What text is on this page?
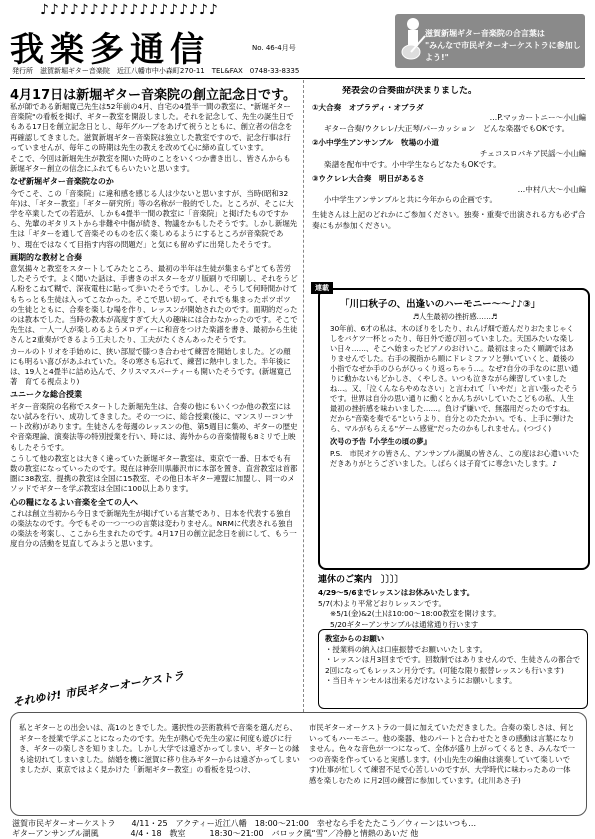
♪♪♪♪♪♪♪♪♪♪♪♪♪♪♪♪♪♪
我楽多通信	No. 46-4月号
滋賀新堀ギター音楽院の合言葉は
"みんなで市民ギターオーケストラに参加しよう!"
発行所　滋賀新堀ギター音楽院　近江八幡市中小森町270-11　TEL&FAX　0748-33-8335
4月17日は新堀ギター音楽院の創立記念日です。

私が師である新堀寛己先生は52年前の4月、自宅の4畳半一間の教室に、"新堀ギター音楽院"の看板を掲げ、ギター教室を開設しました。それを記念して、先生の誕生日でもある17日を創立記念日とし、毎年グループをあげて祝うとともに、創立者の信念を再確認してきました。滋賀新堀ギター音楽院は独立した教室ですので、記念行事は行っていませんが、毎年この時期は先生の教えを改めて心に締め直しています。

そこで、今回は新堀先生が教室を開いた時のことをいくつか書き出し、皆さんからも新堀ギター創立の信念にふれてもらいたいと思います。

なぜ新堀ギター音楽院なのか

今でこそ、この「音楽院」に違和感を感じる人は少ないと思いますが、当時(昭和32年)は、「ギター教室」「ギター研究所」等の名称が一般的でした。ところが、そこに大学を卒業したての若造が、しかも4畳半一間の教室に「音楽院」と掲げたものですから、先輩のギタリストから非難や中傷が続き、物議をかもしたそうです。しかし新堀先生は「ギターを通して音楽そのものを広く楽しめるようにするところが音楽院であり、現在ではなくて目指す内容の問題だ」と気にも留めずに出発したそうです。

画期的な教材と合奏

意気揚々と教室をスタートしてみたところ、最初の半年は生徒が集まらずとても苦労したそうです。よく聞いた話は、手書きのポスターをガリ版刷りで印刷し、それをうどん粉をこねて糊で、深夜電柱に貼って歩いたそうです。しかし、そうして何時間かけてもちっとも生徒は入ってこなかった。そこで思い切って、それでも集まったポツポツの生徒とともに、合奏を楽しむ場を作り、レッスンが開始されたのです。面期的だったのは教本でした。当時の教本が高度すぎて大人の趣味には合わなかったのです。そこで先生は、一人一人が楽しめるようメロディーに和音をつけた楽譜を書き、最初から生徒さんと2重奏ができるよう工夫したり、工夫がたくさんあったそうです。

カールのトリオを手始めに、狭い部屋で膝つき合わせて練習を開始しました。どの顔にも明るい喜びがあふれていた。冬の寒さも忘れて、練習に熱中しました。半年後には、19人と4畳半に詰め込んで、クリスマスパーティーも開いたそうです。(新堀寛己著　育てる視点より)

ユニークな総合授業

ギター音楽院の名称でスタートした新堀先生は、合奏の他にもいくつか他の教室にはない試みを行い、成功してきました。その一つに、総合授業(後に、マンスリーコンサート改称)があります。生徒さんを毎週のレッスンの他、第5週目に集め、ギターの歴史や音楽理論、演奏法等の特別授業を行い、時には、海外からの音楽情報も8ミリで上映もしたそうです。

こうして他の教室とは大きく違っていた新堀ギター教室は、東京で一番、日本でも有数の教室になっていったのです。現在は神奈川県藤沢市に本部を置き、直営教室は首都圏に38教室、提携の教室は全国に15教室、その他日本ギター連盟に加盟し、同一のメソッドでギターを学ぶ教室は全国に100以上あります。

心の糧になるよい音楽を全ての人へ

これは創立当初から今日まで新堀先生が掲げている言葉であり、日本を代表する独自の楽法なのです。今でもその一つ一つの言葉は変わりません。NRMに代表される独自の楽法を考案し、ここから生まれたのです。4月17日の創立記念日を前にして、もう一度自分の活動を見直してみようと思います。

発表会の合奏曲が決まりました。
①大合奏　オブラディ・オブラダ
…P.マッカートニー～小山編
ギター合奏/ウクレレ/大正琴/パーカッション　どんな楽器でもOKです。
②小中学生アンサンブル　牧場の小道
チェコスロバキア民謡～小山編
楽譜を配布中です。小中学生ならどなたもOKです。
③ウクレレ大合奏　明日があるさ
…中村八大～小山編
小中学生アンサンブルと共に今年からの企画です。
生徒さんは上記のどれかにご参加ください。独奏・重奏で出演される方も必ず合奏にもが参加ください。
「川口秋子の、出逢いのハーモニー～～♪♪③」
♬人生最初の挫折感……♬
30年前、6才の私は、木のぼりをしたり、れんげ畑で遊んだりおたまじゃくしをバケツ一杯とったり、毎日外で遊び回っていました。天国みたいな楽しい日々……、そこへ始まったピアノのおけいこ。最初はまったく順調ではありませんでした。右手の親指から順にドレミファソと弾いていくと、最後の小指でなぜか手のひらがひっくり返っちゃう…。なぜ?自分の手なのに思い通りに動かないもどかしさ、くやしさ。いつも泣きながら練習していましたね…。又、「泣くんならやめなさい」と言われて「いやだ」と言い張ったそうです。世界は自分の思い通りに動くとかんちがいしていたこどもの私、人生最初の挫折感を味わいました……。負けず嫌いで、無器用だったのですね。だから"音楽を奏でる"というより、自分とのたたかい。でも、上手に弾けたら、マルがもらえる"ゲーム感覚"だったのかもしれません。(つづく)
次号の予告『小学生の頃の夢』
P.S.　市民オケの皆さん、アンサンブル湖風の皆さん、この度はお心遣いいただきありがとうございました。しばらくは子育てに専念いたします。♪
連載
連休のご案内　〕〕〕〕
4/29～5/6までレッスンはお休みいたします。
5/7(木)より平常どおりレッスンです。
※5/1(金)&2(土)は10:00～18:00教室を開けます。
5/20ギターアンサンブルは通常通り行います
教室からのお願い
・授業料の納入は口座振替でお願いいたします。
・レッスンは月3回までです。回数制ではありませんので、生徒さんの都合で2回になってもレッスン月分です。(可能な限り振替レッスンも行います)
・当日キャンセルは出来るだけないようにお願いします。
それゆけ! 市民ギターオーケストラ
私とギターとの出会いは、高1のときでした。選択性の芸術教科で音楽を選んだら、ギターを授業で学ぶことになったのです。先生が熱心で先生の家に何度も遊びに行き、ギターの楽しさを知りました。しかし大学では遠ざかってしまい、ギターとの縁も途切れてしまいました。結婚を機に滋賀に移り住みギターからは遠ざかってしまいましたが、東京ではよく見かけた「新堀ギター教室」の看板を見つけ、
市民ギターオーケストラの一員に加えていただきました。合奏の楽しさは、何といってもハーモニー。他の楽器、他のパートと合わせたときの感動は言葉になりません。色々な音色が一つになって、全体が盛り上がってくるとき、みんなで一つの音楽を作っていると実感します。(小山先生の編曲は演奏していて楽しいです)仕事が忙しくて練習不足で心苦しいのですが、大学時代に味わったあの一体感を楽しむため に月2回の練習に参加しています。(北川あさ子)
滋賀市民ギターオーケストラ　　4/11・25　アクティー近江八幡　18:00～21:00　幸せなら手をたたこう／ウィーンはいつも…
ギターアンサンブル湖風　　　　4/4・18　教室　　　18:30～21:00　バロック風“雪”／冷静と情熱のあいだ 他
